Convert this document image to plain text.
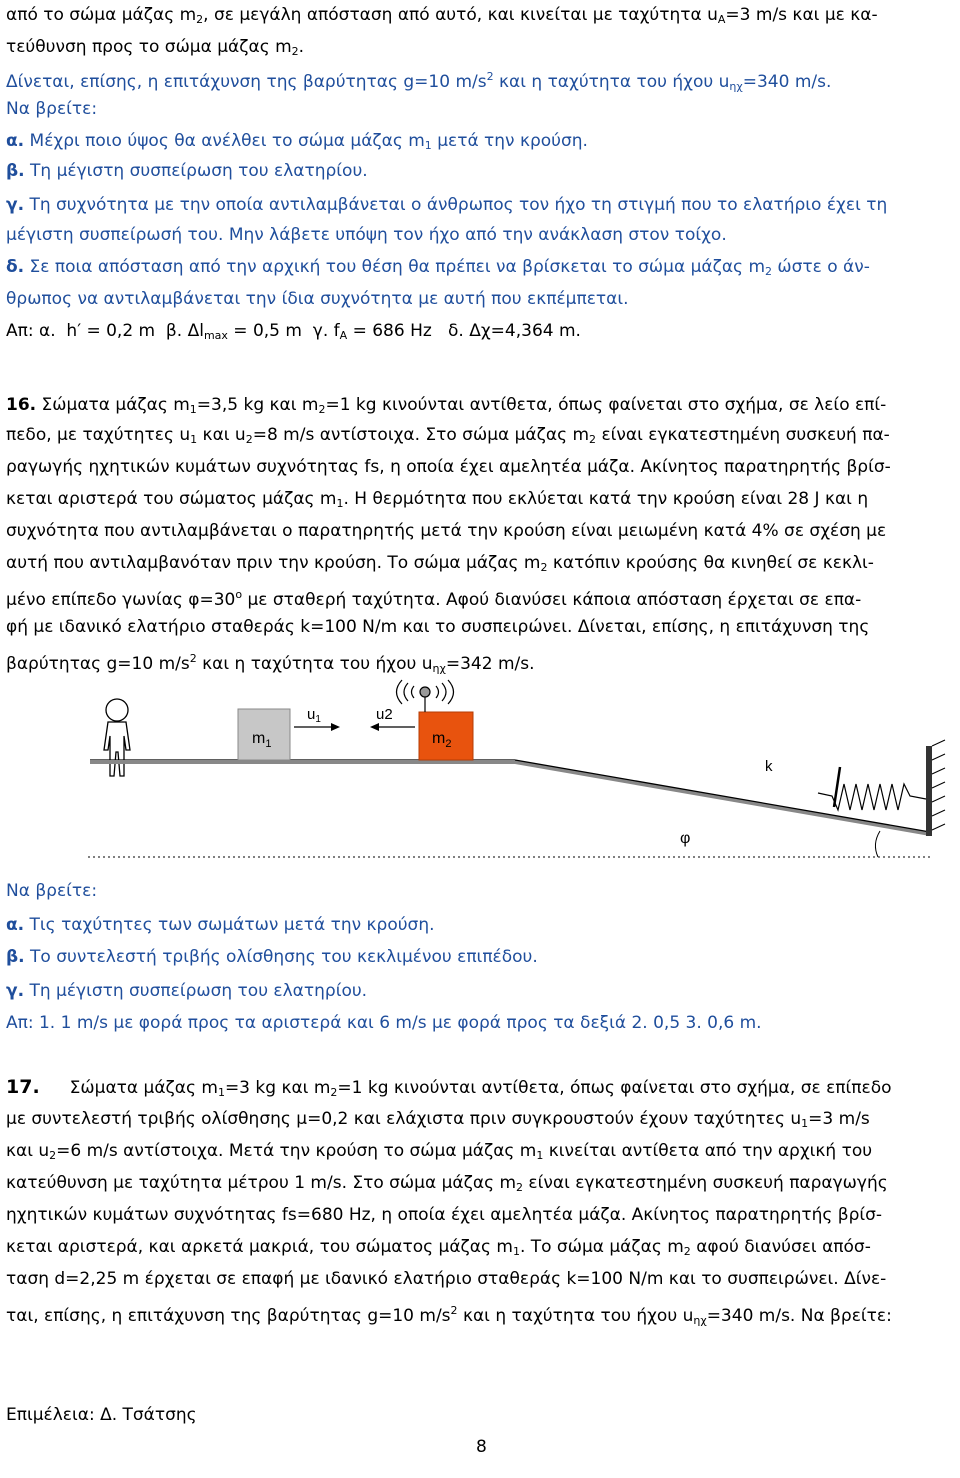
από το σώμα μάζας $m_2$, σε μεγάλη απόσταση από αυτό, και κινείται με ταχύτητα $u_A=3$ m/s και με κα-
τεύθυνση προς το σώμα μάζας $m_2$.
Δίνεται, επίσης, η επιτάχυνση της βαρύτητας g=10 $m/s^2$ και η ταχύτητα του ήχου $u_{\eta\chi}=340$ m/s.
Να βρείτε:
α. Μέχρι ποιο ύψος θα ανέλθει το σώμα μάζας $m_1$ μετά την κρούση.
β. Τη μέγιστη συσπείρωση του ελατηρίου.
γ. Τη συχνότητα με την οποία αντιλαμβάνεται ο άνθρωπος τον ήχο τη στιγμή που το ελατήριο έχει τη
μέγιστη συσπείρωσή του. Μην λάβετε υπόψη τον ήχο από την ανάκλαση στον τοίχο.
δ. Σε ποια απόσταση από την αρχική του θέση θα πρέπει να βρίσκεται το σώμα μάζας $m_2$ ώστε ο άν-
θρωπος να αντιλαμβάνεται την ίδια συχνότητα με αυτή που εκπέμπεται.
Απ: α. h′ = 0,2 m β. $\Delta l_{max} = 0,5$ m γ. $f_A = 686$ Hz δ. Δχ=4,364 m.
16. Σώματα μάζας $m_1=3,5$ kg και $m_2=1$ kg κινούνται αντίθετα, όπως φαίνεται στο σχήμα, σε λείο επί-
πεδο, με ταχύτητες $u_1$ και $u_2=8$ m/s αντίστοιχα. Στο σώμα μάζας $m_2$ είναι εγκατεστημένη συσκευή πα-
ραγωγής ηχητικών κυμάτων συχνότητας fs, η οποία έχει αμελητέα μάζα. Ακίνητος παρατηρητής βρίσ-
κεται αριστερά του σώματος μάζας $m_1$. Η θερμότητα που εκλύεται κατά την κρούση είναι 28 J και η
συχνότητα που αντιλαμβάνεται ο παρατηρητής μετά την κρούση είναι μειωμένη κατά 4% σε σχέση με
αυτή που αντιλαμβανόταν πριν την κρούση. Το σώμα μάζας $m_2$ κατόπιν κρούσης θα κινηθεί σε κεκλι-
μένο επίπεδο γωνίας $\varphi=30^o$ με σταθερή ταχύτητα. Αφού διανύσει κάποια απόσταση έρχεται σε επα-
φή με ιδανικό ελατήριο σταθεράς k=100 N/m και το συσπειρώνει. Δίνεται, επίσης, η επιτάχυνση της
βαρύτητας g=10 $m/s^2$ και η ταχύτητα του ήχου $u_{\eta\chi}=342$ m/s.
$m_1$	$m_2$
$u_1$	u2
k
φ
Να βρείτε:
α. Τις ταχύτητες των σωμάτων μετά την κρούση.
β. Το συντελεστή τριβής ολίσθησης του κεκλιμένου επιπέδου.
γ. Τη μέγιστη συσπείρωση του ελατηρίου.
Απ: 1. 1 m/s με φορά προς τα αριστερά και 6 m/s με φορά προς τα δεξιά 2. 0,5 3. 0,6 m.
17. Σώματα μάζας $m_1=3$ kg και $m_2=1$ kg κινούνται αντίθετα, όπως φαίνεται στο σχήμα, σε επίπεδο
με συντελεστή τριβής ολίσθησης μ=0,2 και ελάχιστα πριν συγκρουστούν έχουν ταχύτητες $u_1=3$ m/s
και $u_2=6$ m/s αντίστοιχα. Μετά την κρούση το σώμα μάζας $m_1$ κινείται αντίθετα από την αρχική του
κατεύθυνση με ταχύτητα μέτρου 1 m/s. Στο σώμα μάζας $m_2$ είναι εγκατεστημένη συσκευή παραγωγής
ηχητικών κυμάτων συχνότητας fs=680 Hz, η οποία έχει αμελητέα μάζα. Ακίνητος παρατηρητής βρίσ-
κεται αριστερά, και αρκετά μακριά, του σώματος μάζας $m_1$. Το σώμα μάζας $m_2$ αφού διανύσει απόσ-
ταση d=2,25 m έρχεται σε επαφή με ιδανικό ελατήριο σταθεράς k=100 N/m και το συσπειρώνει. Δίνε-
ται, επίσης, η επιτάχυνση της βαρύτητας g=10 $m/s^2$ και η ταχύτητα του ήχου $u_{\eta\chi}=340$ m/s. Να βρείτε:
Επιμέλεια: Δ. Τσάτσης
8
